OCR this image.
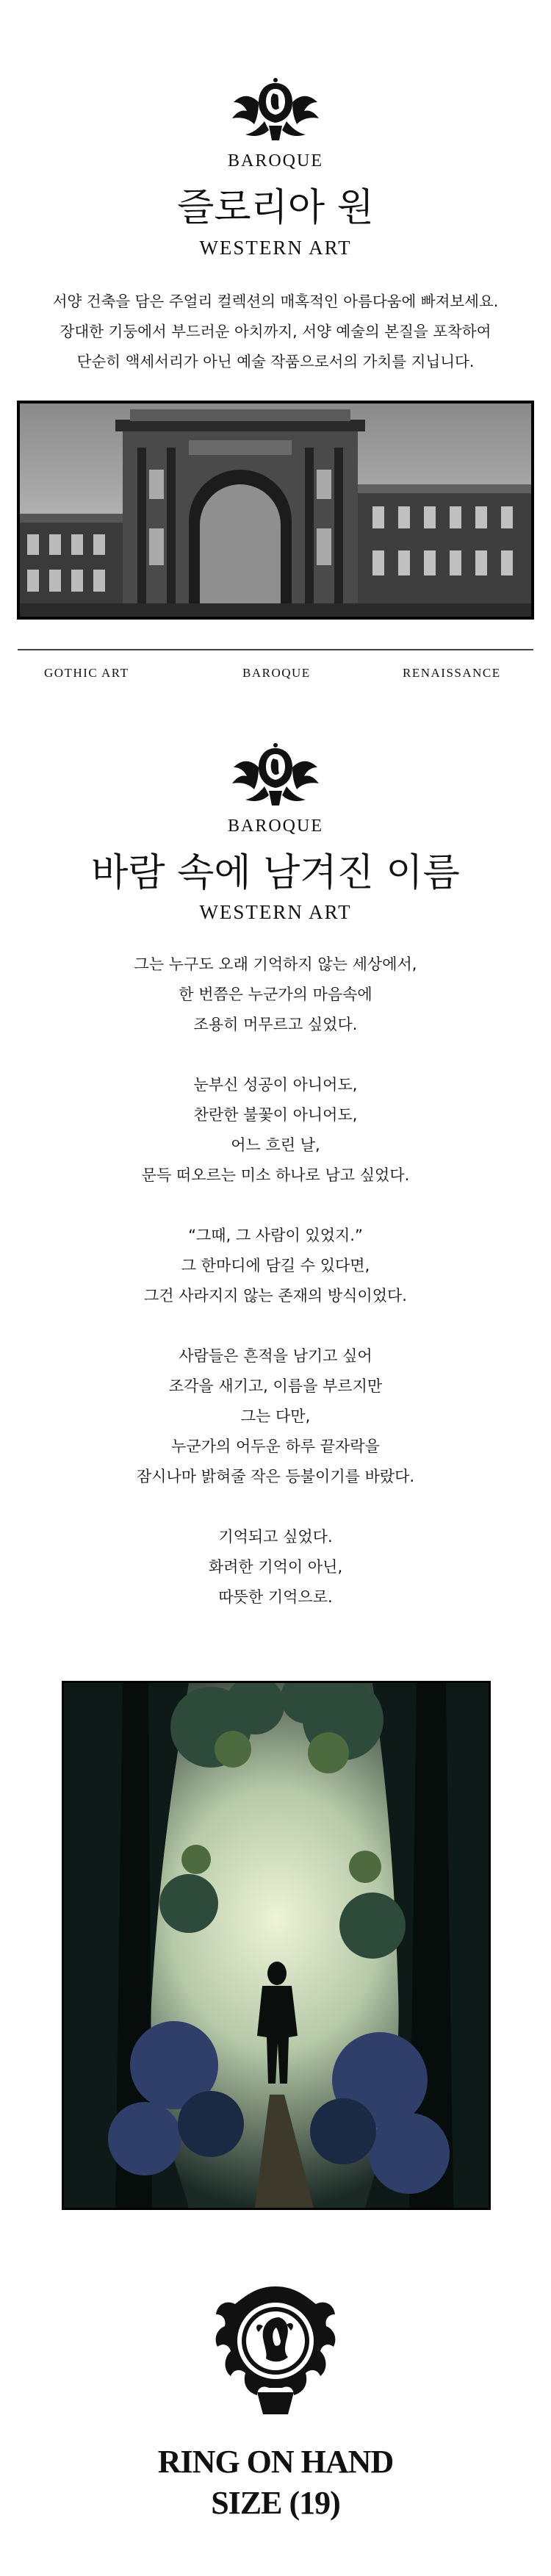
BAROQUE
즐로리아 원
WESTERN ART
서양 건축을 담은 주얼리 컬렉션의 매혹적인 아름다움에 빠져보세요.
장대한 기둥에서 부드러운 아치까지, 서양 예술의 본질을 포착하여
단순히 액세서리가 아닌 예술 작품으로서의 가치를 지닙니다.
GOTHIC ART	BAROQUE	RENAISSANCE
BAROQUE
바람 속에 남겨진 이름
WESTERN ART
그는 누구도 오래 기억하지 않는 세상에서,
한 번쯤은 누군가의 마음속에
조용히 머무르고 싶었다.
눈부신 성공이 아니어도,
찬란한 불꽃이 아니어도,
어느 흐린 날,
문득 떠오르는 미소 하나로 남고 싶었다.
“그때, 그 사람이 있었지.”
그 한마디에 담길 수 있다면,
그건 사라지지 않는 존재의 방식이었다.
사람들은 흔적을 남기고 싶어
조각을 새기고, 이름을 부르지만
그는 다만,
누군가의 어두운 하루 끝자락을
잠시나마 밝혀줄 작은 등불이기를 바랐다.
기억되고 싶었다.
화려한 기억이 아닌,
따뜻한 기억으로.
RING ON HAND
SIZE (19)
